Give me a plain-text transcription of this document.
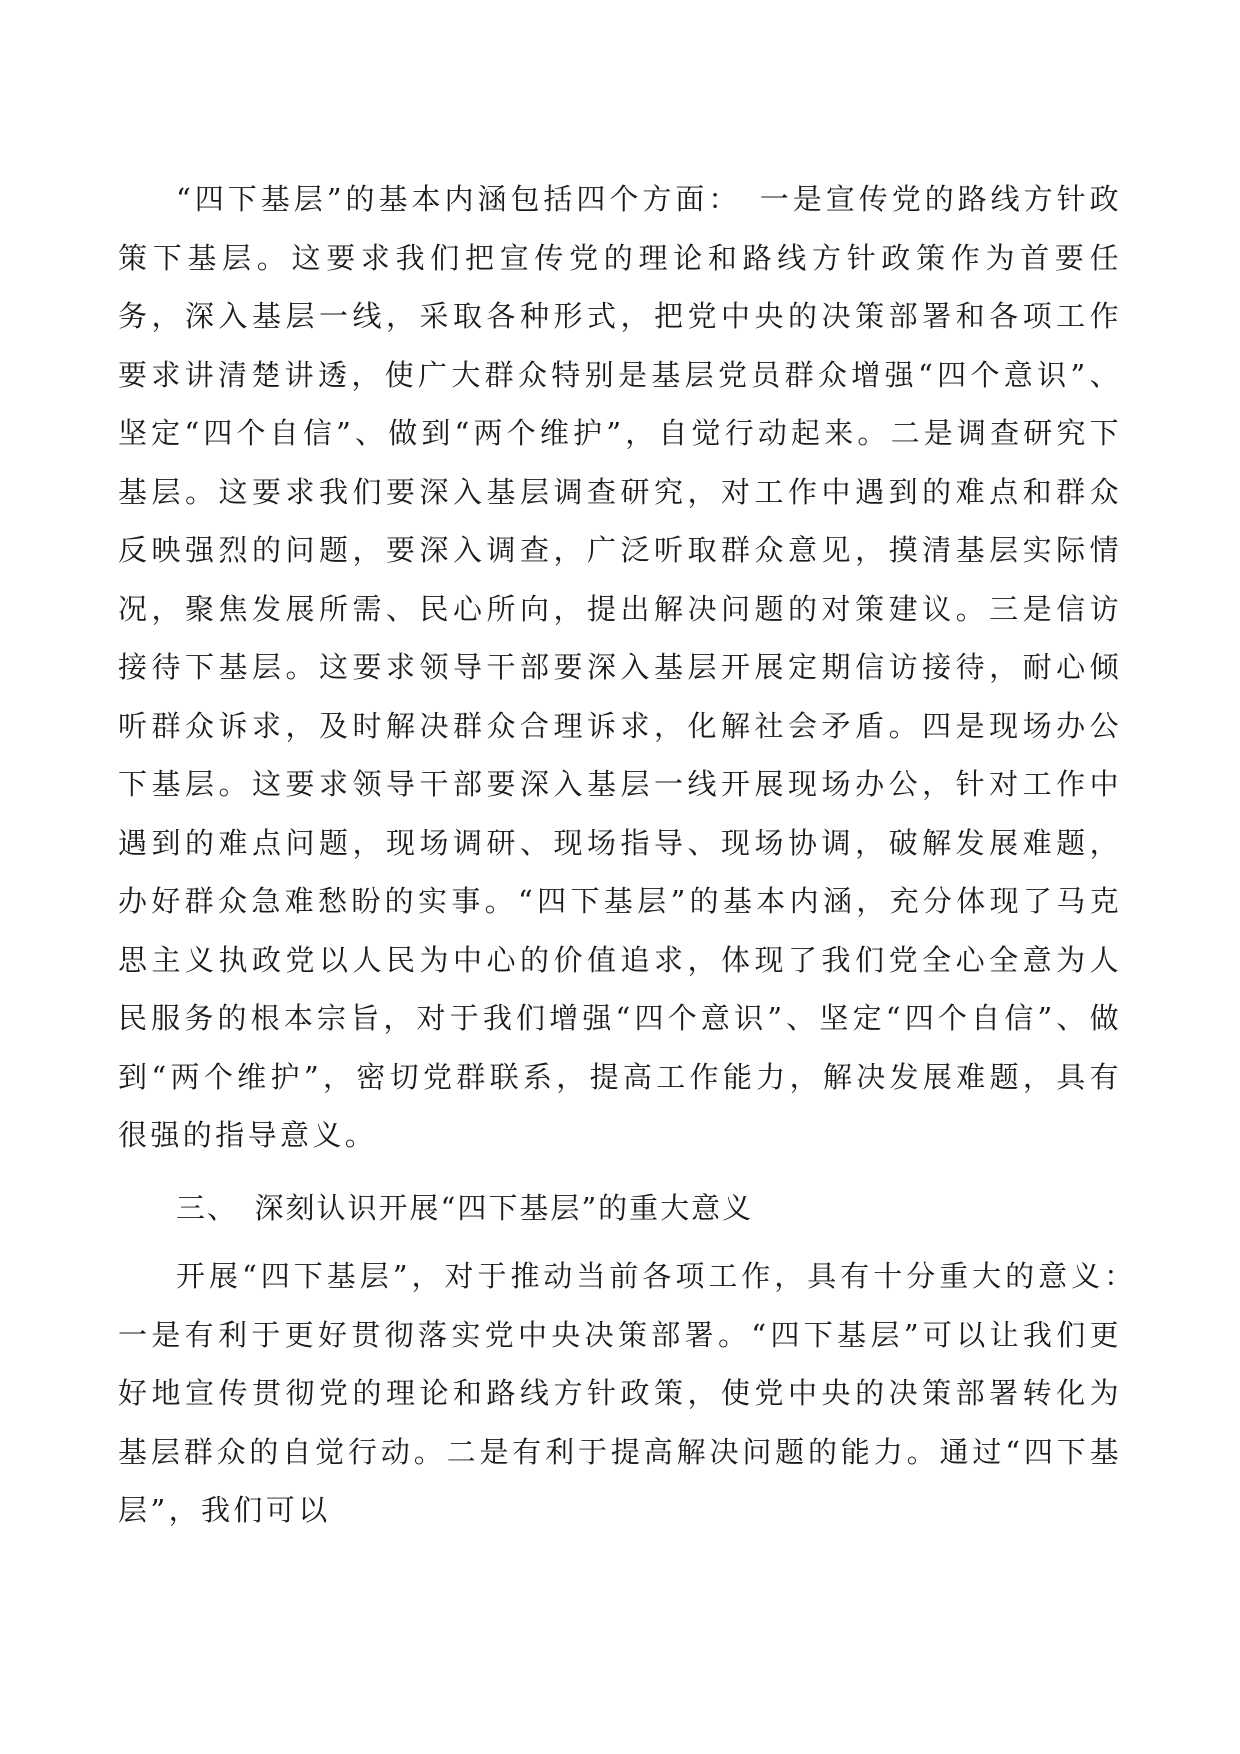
“四下基层”的基本内涵包括四个方面：　一是宣传党的路线方针政策下基层。这要求我们把宣传党的理论和路线方针政策作为首要任务，深入基层一线，采取各种形式，把党中央的决策部署和各项工作要求讲清楚讲透，使广大群众特别是基层党员群众增强“四个意识”、坚定“四个自信”、做到“两个维护”，自觉行动起来。二是调查研究下基层。这要求我们要深入基层调查研究，对工作中遇到的难点和群众反映强烈的问题，要深入调查，广泛听取群众意见，摸清基层实际情况，聚焦发展所需、民心所向，提出解决问题的对策建议。三是信访接待下基层。这要求领导干部要深入基层开展定期信访接待，耐心倾听群众诉求，及时解决群众合理诉求，化解社会矛盾。四是现场办公下基层。这要求领导干部要深入基层一线开展现场办公，针对工作中遇到的难点问题，现场调研、现场指导、现场协调，破解发展难题，办好群众急难愁盼的实事。“四下基层”的基本内涵，充分体现了马克思主义执政党以人民为中心的价值追求，体现了我们党全心全意为人民服务的根本宗旨，对于我们增强“四个意识”、坚定“四个自信”、做到“两个维护”，密切党群联系，提高工作能力，解决发展难题，具有很强的指导意义。

三、　深刻认识开展“四下基层”的重大意义

开展“四下基层”，对于推动当前各项工作，具有十分重大的意义：　一是有利于更好贯彻落实党中央决策部署。“四下基层”可以让我们更好地宣传贯彻党的理论和路线方针政策，使党中央的决策部署转化为基层群众的自觉行动。二是有利于提高解决问题的能力。通过“四下基层”，我们可以
